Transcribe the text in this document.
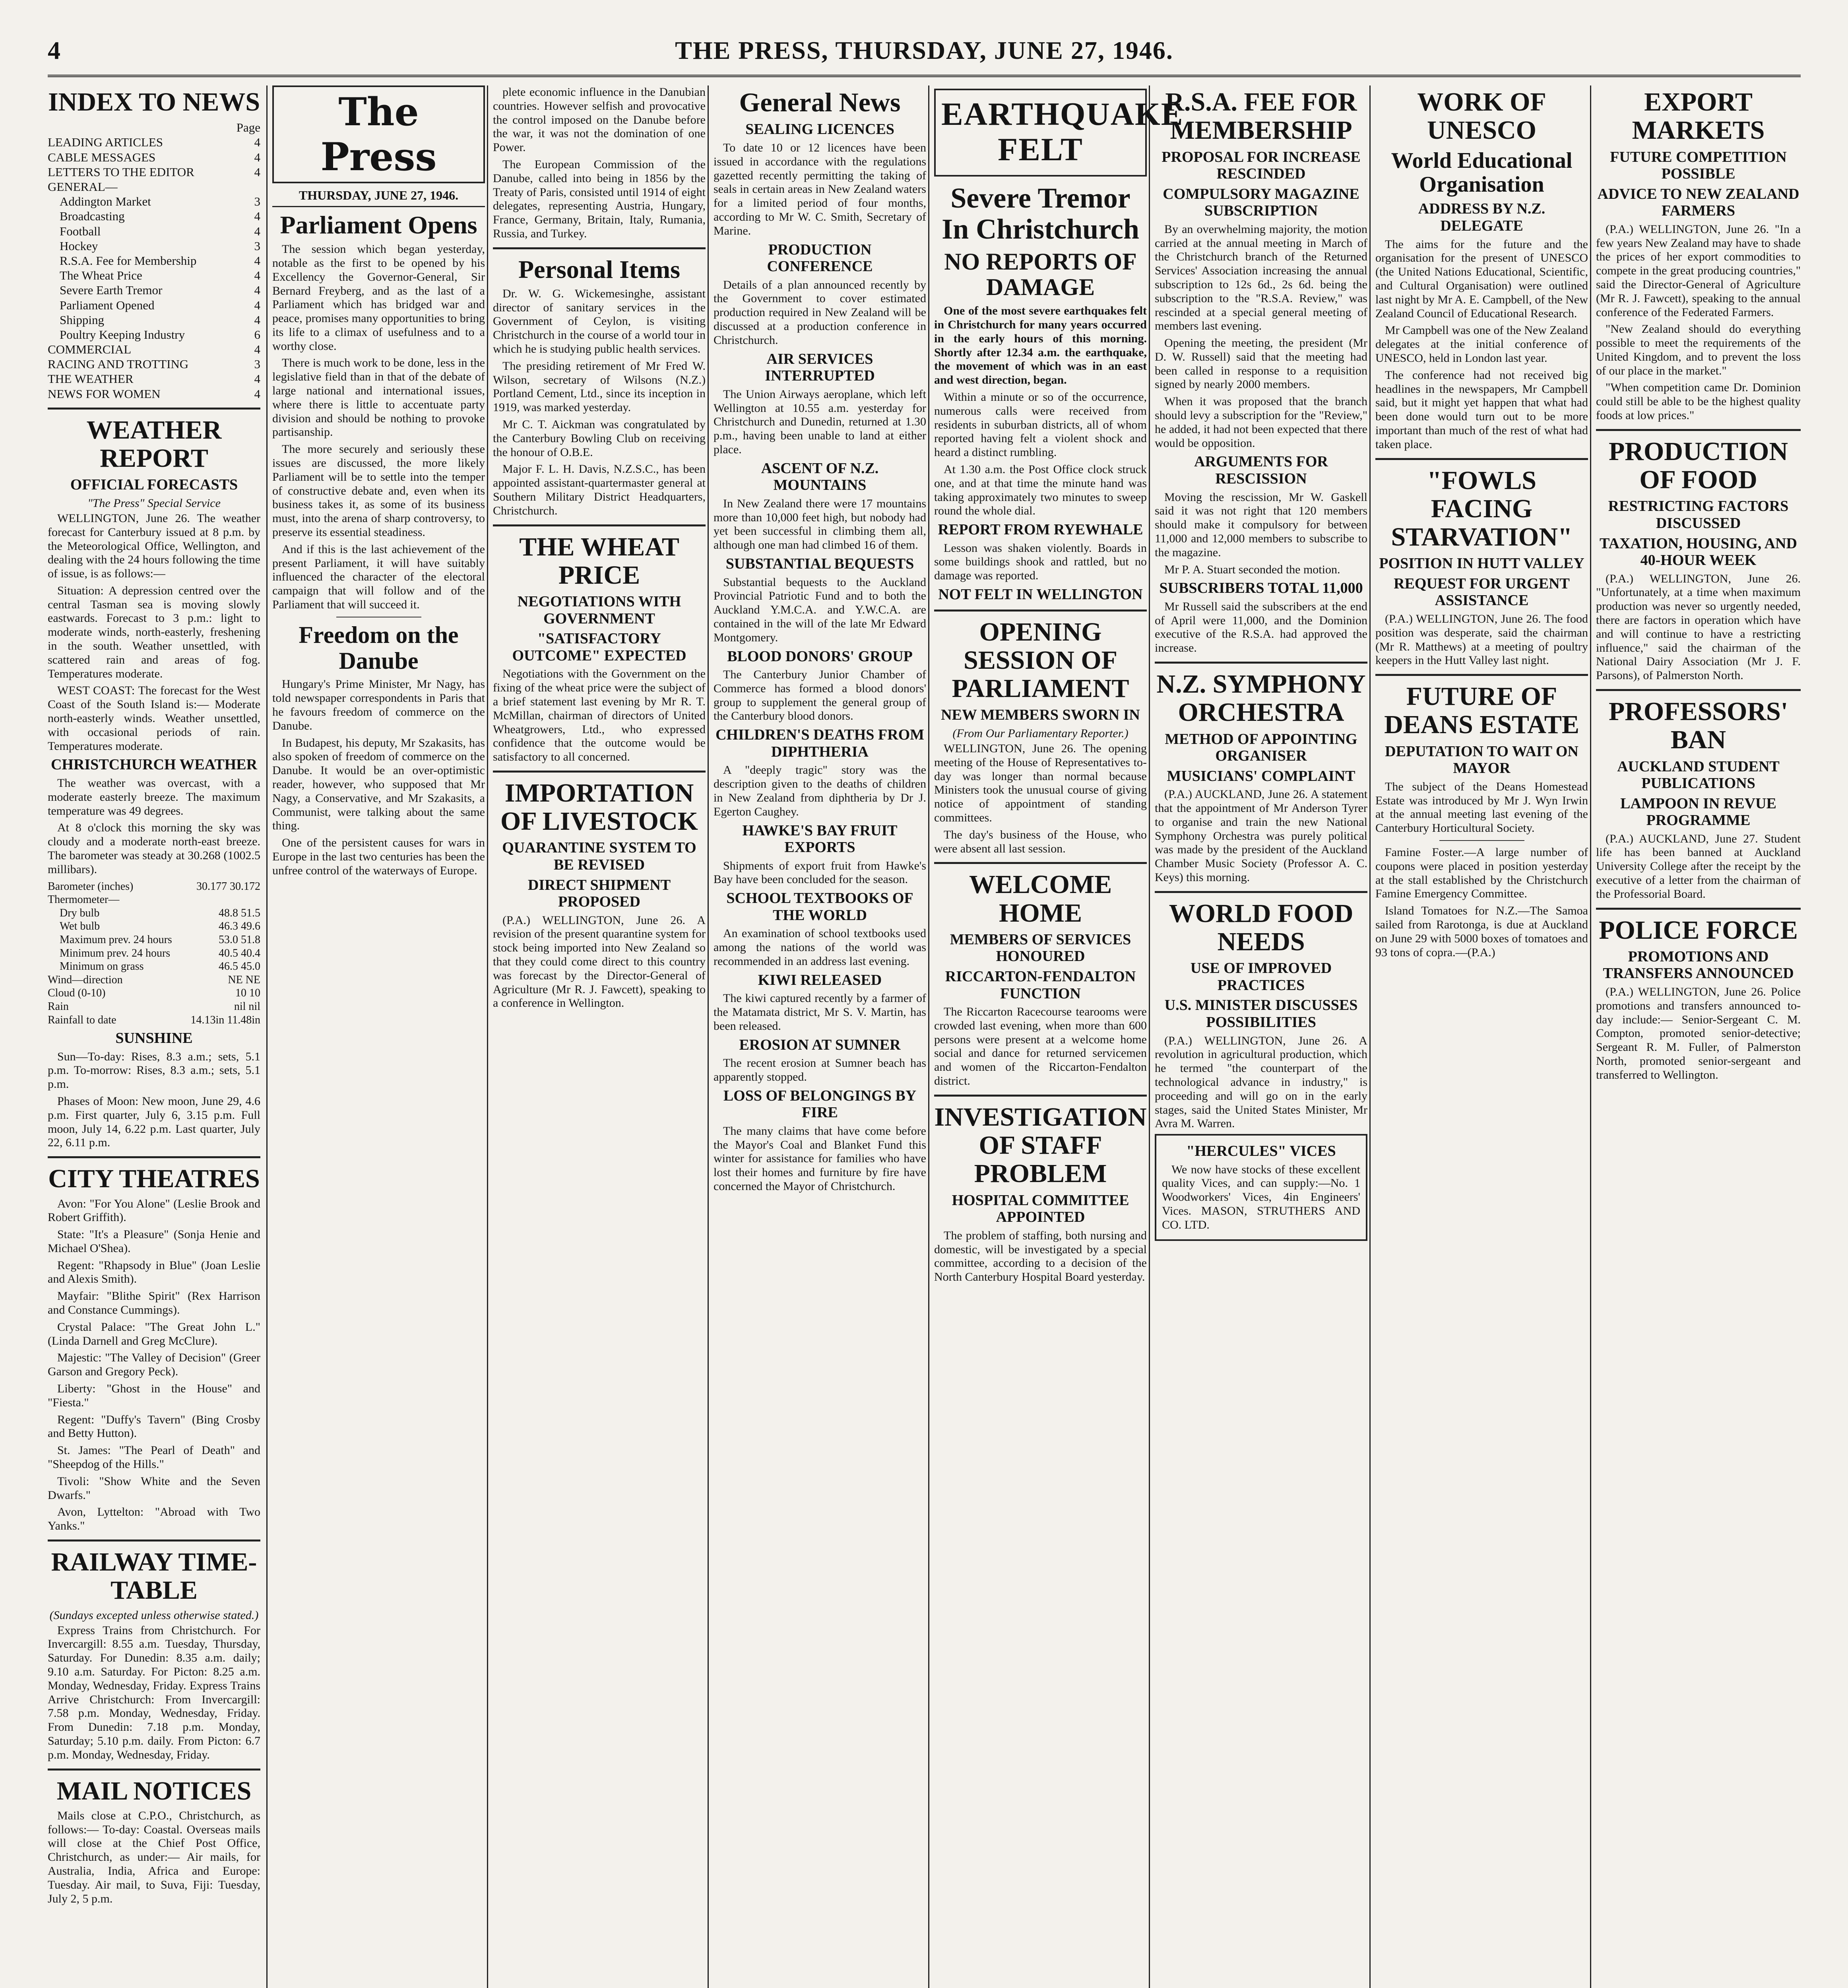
4	THE PRESS, THURSDAY, JUNE 27, 1946.
INDEX TO NEWS
Page
LEADING ARTICLES	4
CABLE MESSAGES	4
LETTERS TO THE EDITOR	4
GENERAL—
Addington Market	3
Broadcasting	4
Football	4
Hockey	3
R.S.A. Fee for Membership	4
The Wheat Price	4
Severe Earth Tremor	4
Parliament Opened	4
Shipping	4
Poultry Keeping Industry	6
COMMERCIAL	4
RACING AND TROTTING	3
THE WEATHER	4
NEWS FOR WOMEN	4
WEATHER REPORT
OFFICIAL FORECASTS
"The Press" Special Service

WELLINGTON, June 26. The weather forecast for Canterbury issued at 8 p.m. by the Meteorological Office, Wellington, and dealing with the 24 hours following the time of issue, is as follows:—

Situation: A depression centred over the central Tasman sea is moving slowly eastwards. Forecast to 3 p.m.: light to moderate winds, north-easterly, freshening in the south. Weather unsettled, with scattered rain and areas of fog. Temperatures moderate.

WEST COAST: The forecast for the West Coast of the South Island is:— Moderate north-easterly winds. Weather unsettled, with occasional periods of rain. Temperatures moderate.

CHRISTCHURCH WEATHER

The weather was overcast, with a moderate easterly breeze. The maximum temperature was 49 degrees.

At 8 o'clock this morning the sky was cloudy and a moderate north-east breeze. The barometer was steady at 30.268 (1002.5 millibars).

Barometer (inches)	30.177 30.172
Thermometer—
Dry bulb	48.8 51.5
Wet bulb	46.3 49.6
Maximum prev. 24 hours	53.0 51.8
Minimum prev. 24 hours	40.5 40.4
Minimum on grass	46.5 45.0
Wind—direction	NE NE
Cloud (0-10)	10 10
Rain	nil nil
Rainfall to date	14.13in 11.48in
SUNSHINE

Sun—To-day: Rises, 8.3 a.m.; sets, 5.1 p.m. To-morrow: Rises, 8.3 a.m.; sets, 5.1 p.m.

Phases of Moon: New moon, June 29, 4.6 p.m. First quarter, July 6, 3.15 p.m. Full moon, July 14, 6.22 p.m. Last quarter, July 22, 6.11 p.m.

CITY THEATRES

Avon: "For You Alone" (Leslie Brook and Robert Griffith).

State: "It's a Pleasure" (Sonja Henie and Michael O'Shea).

Regent: "Rhapsody in Blue" (Joan Leslie and Alexis Smith).

Mayfair: "Blithe Spirit" (Rex Harrison and Constance Cummings).

Crystal Palace: "The Great John L." (Linda Darnell and Greg McClure).

Majestic: "The Valley of Decision" (Greer Garson and Gregory Peck).

Liberty: "Ghost in the House" and "Fiesta."

Regent: "Duffy's Tavern" (Bing Crosby and Betty Hutton).

St. James: "The Pearl of Death" and "Sheepdog of the Hills."

Tivoli: "Show White and the Seven Dwarfs."

Avon, Lyttelton: "Abroad with Two Yanks."

RAILWAY TIME-TABLE
(Sundays excepted unless otherwise stated.)

Express Trains from Christchurch. For Invercargill: 8.55 a.m. Tuesday, Thursday, Saturday. For Dunedin: 8.35 a.m. daily; 9.10 a.m. Saturday. For Picton: 8.25 a.m. Monday, Wednesday, Friday. Express Trains Arrive Christchurch: From Invercargill: 7.58 p.m. Monday, Wednesday, Friday. From Dunedin: 7.18 p.m. Monday, Saturday; 5.10 p.m. daily. From Picton: 6.7 p.m. Monday, Wednesday, Friday.

MAIL NOTICES

Mails close at C.P.O., Christchurch, as follows:— To-day: Coastal. Overseas mails will close at the Chief Post Office, Christchurch, as under:— Air mails, for Australia, India, Africa and Europe: Tuesday. Air mail, to Suva, Fiji: Tuesday, July 2, 5 p.m.

The Press
THURSDAY, JUNE 27, 1946.
Parliament Opens

The session which began yesterday, notable as the first to be opened by his Excellency the Governor-General, Sir Bernard Freyberg, and as the last of a Parliament which has bridged war and peace, promises many opportunities to bring its life to a climax of usefulness and to a worthy close.

There is much work to be done, less in the legislative field than in that of the debate of large national and international issues, where there is little to accentuate party division and should be nothing to provoke partisanship.

The more securely and seriously these issues are discussed, the more likely Parliament will be to settle into the temper of constructive debate and, even when its business takes it, as some of its business must, into the arena of sharp controversy, to preserve its essential steadiness.

And if this is the last achievement of the present Parliament, it will have suitably influenced the character of the electoral campaign that will follow and of the Parliament that will succeed it.

Freedom on the Danube

Hungary's Prime Minister, Mr Nagy, has told newspaper correspondents in Paris that he favours freedom of commerce on the Danube.

In Budapest, his deputy, Mr Szakasits, has also spoken of freedom of commerce on the Danube. It would be an over-optimistic reader, however, who supposed that Mr Nagy, a Conservative, and Mr Szakasits, a Communist, were talking about the same thing.

One of the persistent causes for wars in Europe in the last two centuries has been the unfree control of the waterways of Europe.

plete economic influence in the Danubian countries. However selfish and provocative the control imposed on the Danube before the war, it was not the domination of one Power.

The European Commission of the Danube, called into being in 1856 by the Treaty of Paris, consisted until 1914 of eight delegates, representing Austria, Hungary, France, Germany, Britain, Italy, Rumania, Russia, and Turkey.

Personal Items

Dr. W. G. Wickemesinghe, assistant director of sanitary services in the Government of Ceylon, is visiting Christchurch in the course of a world tour in which he is studying public health services.

The presiding retirement of Mr Fred W. Wilson, secretary of Wilsons (N.Z.) Portland Cement, Ltd., since its inception in 1919, was marked yesterday.

Mr C. T. Aickman was congratulated by the Canterbury Bowling Club on receiving the honour of O.B.E.

Major F. L. H. Davis, N.Z.S.C., has been appointed assistant-quartermaster general at Southern Military District Headquarters, Christchurch.

THE WHEAT PRICE
NEGOTIATIONS WITH GOVERNMENT
"SATISFACTORY OUTCOME" EXPECTED

Negotiations with the Government on the fixing of the wheat price were the subject of a brief statement last evening by Mr R. T. McMillan, chairman of directors of United Wheatgrowers, Ltd., who expressed confidence that the outcome would be satisfactory to all concerned.

IMPORTATION OF LIVESTOCK
QUARANTINE SYSTEM TO BE REVISED
DIRECT SHIPMENT PROPOSED

(P.A.) WELLINGTON, June 26. A revision of the present quarantine system for stock being imported into New Zealand so that they could come direct to this country was forecast by the Director-General of Agriculture (Mr R. J. Fawcett), speaking to a conference in Wellington.

General News
SEALING LICENCES

To date 10 or 12 licences have been issued in accordance with the regulations gazetted recently permitting the taking of seals in certain areas in New Zealand waters for a limited period of four months, according to Mr W. C. Smith, Secretary of Marine.

PRODUCTION CONFERENCE

Details of a plan announced recently by the Government to cover estimated production required in New Zealand will be discussed at a production conference in Christchurch.

AIR SERVICES INTERRUPTED

The Union Airways aeroplane, which left Wellington at 10.55 a.m. yesterday for Christchurch and Dunedin, returned at 1.30 p.m., having been unable to land at either place.

ASCENT OF N.Z. MOUNTAINS

In New Zealand there were 17 mountains more than 10,000 feet high, but nobody had yet been successful in climbing them all, although one man had climbed 16 of them.

SUBSTANTIAL BEQUESTS

Substantial bequests to the Auckland Provincial Patriotic Fund and to both the Auckland Y.M.C.A. and Y.W.C.A. are contained in the will of the late Mr Edward Montgomery.

BLOOD DONORS' GROUP

The Canterbury Junior Chamber of Commerce has formed a blood donors' group to supplement the general group of the Canterbury blood donors.

CHILDREN'S DEATHS FROM DIPHTHERIA

A "deeply tragic" story was the description given to the deaths of children in New Zealand from diphtheria by Dr J. Egerton Caughey.

HAWKE'S BAY FRUIT EXPORTS

Shipments of export fruit from Hawke's Bay have been concluded for the season.

SCHOOL TEXTBOOKS OF THE WORLD

An examination of school textbooks used among the nations of the world was recommended in an address last evening.

KIWI RELEASED

The kiwi captured recently by a farmer of the Matamata district, Mr S. V. Martin, has been released.

EROSION AT SUMNER

The recent erosion at Sumner beach has apparently stopped.

LOSS OF BELONGINGS BY FIRE

The many claims that have come before the Mayor's Coal and Blanket Fund this winter for assistance for families who have lost their homes and furniture by fire have concerned the Mayor of Christchurch.

EARTHQUAKE FELT
Severe Tremor In Christchurch
NO REPORTS OF DAMAGE

One of the most severe earthquakes felt in Christchurch for many years occurred in the early hours of this morning. Shortly after 12.34 a.m. the earthquake, the movement of which was in an east and west direction, began.

Within a minute or so of the occurrence, numerous calls were received from residents in suburban districts, all of whom reported having felt a violent shock and heard a distinct rumbling.

At 1.30 a.m. the Post Office clock struck one, and at that time the minute hand was taking approximately two minutes to sweep round the whole dial.

REPORT FROM RYEWHALE

Lesson was shaken violently. Boards in some buildings shook and rattled, but no damage was reported.

NOT FELT IN WELLINGTON
OPENING SESSION OF PARLIAMENT
NEW MEMBERS SWORN IN
(From Our Parliamentary Reporter.)

WELLINGTON, June 26. The opening meeting of the House of Representatives to-day was longer than normal because Ministers took the unusual course of giving notice of appointment of standing committees.

The day's business of the House, who were absent all last session.

WELCOME HOME
MEMBERS OF SERVICES HONOURED
RICCARTON-FENDALTON FUNCTION

The Riccarton Racecourse tearooms were crowded last evening, when more than 600 persons were present at a welcome home social and dance for returned servicemen and women of the Riccarton-Fendalton district.

INVESTIGATION OF STAFF PROBLEM
HOSPITAL COMMITTEE APPOINTED

The problem of staffing, both nursing and domestic, will be investigated by a special committee, according to a decision of the North Canterbury Hospital Board yesterday.

R.S.A. FEE FOR MEMBERSHIP
PROPOSAL FOR INCREASE RESCINDED
COMPULSORY MAGAZINE SUBSCRIPTION

By an overwhelming majority, the motion carried at the annual meeting in March of the Christchurch branch of the Returned Services' Association increasing the annual subscription to 12s 6d., 2s 6d. being the subscription to the "R.S.A. Review," was rescinded at a special general meeting of members last evening.

Opening the meeting, the president (Mr D. W. Russell) said that the meeting had been called in response to a requisition signed by nearly 2000 members.

When it was proposed that the branch should levy a subscription for the "Review," he added, it had not been expected that there would be opposition.

ARGUMENTS FOR RESCISSION

Moving the rescission, Mr W. Gaskell said it was not right that 120 members should make it compulsory for between 11,000 and 12,000 members to subscribe to the magazine.

Mr P. A. Stuart seconded the motion.

SUBSCRIBERS TOTAL 11,000

Mr Russell said the subscribers at the end of April were 11,000, and the Dominion executive of the R.S.A. had approved the increase.

N.Z. SYMPHONY ORCHESTRA
METHOD OF APPOINTING ORGANISER
MUSICIANS' COMPLAINT

(P.A.) AUCKLAND, June 26. A statement that the appointment of Mr Anderson Tyrer to organise and train the new National Symphony Orchestra was purely political was made by the president of the Auckland Chamber Music Society (Professor A. C. Keys) this morning.

WORLD FOOD NEEDS
USE OF IMPROVED PRACTICES
U.S. MINISTER DISCUSSES POSSIBILITIES

(P.A.) WELLINGTON, June 26. A revolution in agricultural production, which he termed "the counterpart of the technological advance in industry," is proceeding and will go on in the early stages, said the United States Minister, Mr Avra M. Warren.

"HERCULES" VICES

We now have stocks of these excellent quality Vices, and can supply:—No. 1 Woodworkers' Vices, 4in Engineers' Vices. MASON, STRUTHERS AND CO. LTD.

WORK OF UNESCO
World Educational Organisation
ADDRESS BY N.Z. DELEGATE

The aims for the future and the organisation for the present of UNESCO (the United Nations Educational, Scientific, and Cultural Organisation) were outlined last night by Mr A. E. Campbell, of the New Zealand Council of Educational Research.

Mr Campbell was one of the New Zealand delegates at the initial conference of UNESCO, held in London last year.

The conference had not received big headlines in the newspapers, Mr Campbell said, but it might yet happen that what had been done would turn out to be more important than much of the rest of what had taken place.

"FOWLS FACING STARVATION"
POSITION IN HUTT VALLEY
REQUEST FOR URGENT ASSISTANCE

(P.A.) WELLINGTON, June 26. The food position was desperate, said the chairman (Mr R. Matthews) at a meeting of poultry keepers in the Hutt Valley last night.

FUTURE OF DEANS ESTATE
DEPUTATION TO WAIT ON MAYOR

The subject of the Deans Homestead Estate was introduced by Mr J. Wyn Irwin at the annual meeting last evening of the Canterbury Horticultural Society.

Famine Foster.—A large number of coupons were placed in position yesterday at the stall established by the Christchurch Famine Emergency Committee.

Island Tomatoes for N.Z.—The Samoa sailed from Rarotonga, is due at Auckland on June 29 with 5000 boxes of tomatoes and 93 tons of copra.—(P.A.)

EXPORT MARKETS
FUTURE COMPETITION POSSIBLE
ADVICE TO NEW ZEALAND FARMERS

(P.A.) WELLINGTON, June 26. "In a few years New Zealand may have to shade the prices of her export commodities to compete in the great producing countries," said the Director-General of Agriculture (Mr R. J. Fawcett), speaking to the annual conference of the Federated Farmers.

"New Zealand should do everything possible to meet the requirements of the United Kingdom, and to prevent the loss of our place in the market."

"When competition came Dr. Dominion could still be able to be the highest quality foods at low prices."

PRODUCTION OF FOOD
RESTRICTING FACTORS DISCUSSED
TAXATION, HOUSING, AND 40-HOUR WEEK

(P.A.) WELLINGTON, June 26. "Unfortunately, at a time when maximum production was never so urgently needed, there are factors in operation which have and will continue to have a restricting influence," said the chairman of the National Dairy Association (Mr J. F. Parsons), of Palmerston North.

PROFESSORS' BAN
AUCKLAND STUDENT PUBLICATIONS
LAMPOON IN REVUE PROGRAMME

(P.A.) AUCKLAND, June 27. Student life has been banned at Auckland University College after the receipt by the executive of a letter from the chairman of the Professorial Board.

POLICE FORCE
PROMOTIONS AND TRANSFERS ANNOUNCED

(P.A.) WELLINGTON, June 26. Police promotions and transfers announced to-day include:— Senior-Sergeant C. M. Compton, promoted senior-detective; Sergeant R. M. Fuller, of Palmerston North, promoted senior-sergeant and transferred to Wellington.
